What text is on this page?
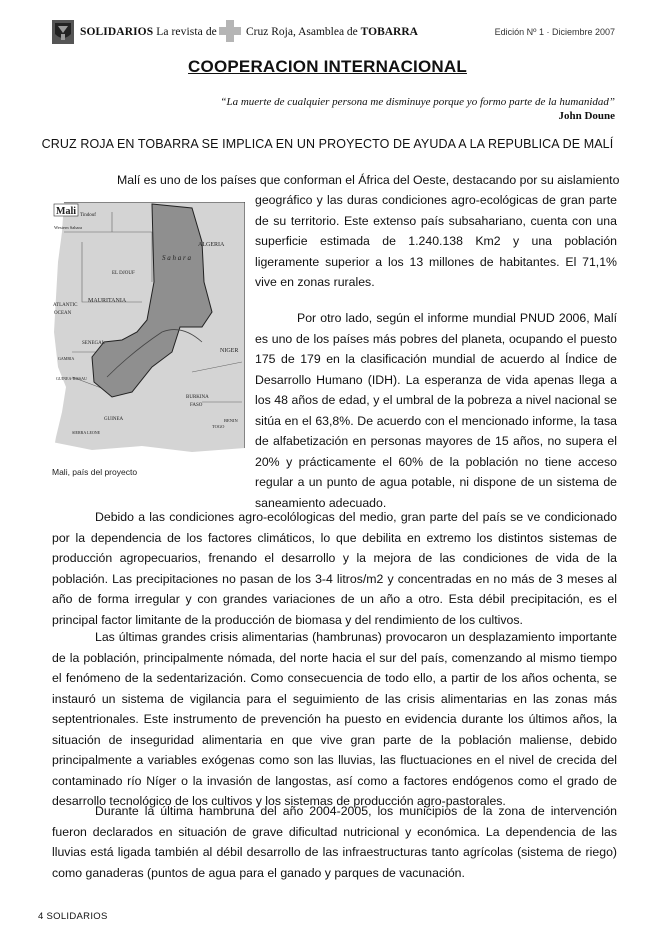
SOLIDARIOS La revista de	Cruz Roja, Asamblea de TOBARRA	Edición Nº 1 · Diciembre 2007
COOPERACION INTERNACIONAL
“La muerte de cualquier persona me disminuye porque yo formo parte de la humanidad”
John Doune
CRUZ ROJA EN TOBARRA SE IMPLICA EN UN PROYECTO DE AYUDA A LA REPUBLICA DE MALÍ
Malí es uno de los países que conforman el África del Oeste, destacando por su aislamiento
geográfico y las duras condiciones agro-ecológicas de gran parte de su territorio. Este extenso país subsahariano, cuenta con una superficie estimada de 1.240.138 Km2 y una población ligeramente superior a los 13 millones de habitantes. El 71,1% vive en zonas rurales.
Por otro lado, según el informe mundial PNUD 2006, Malí es uno de los países más pobres del planeta, ocupando el puesto 175 de 179 en la clasificación mundial de acuerdo al Índice de Desarrollo Humano (IDH). La esperanza de vida apenas llega a los 48 años de edad, y el umbral de la pobreza a nivel nacional se sitúa en el 63,8%. De acuerdo con el mencionado informe, la tasa de alfabetización en personas mayores de 15 años, no supera el 20% y prácticamente el 60% de la población no tiene acceso regular a un punto de agua potable, ni dispone de un sistema de saneamiento adecuado.
Mali Tindouf
Western Sahara
ALGERIA
S a h a r a
EL DJOUF
MAURITANIA
ATLANTIC
OCEAN
SENEGAL
GAMBIA
GUINEA-BISSAU
GUINEA
SIERRA LEONE
NIGER
BURKINA
FASO
TOGO
BENIN
Mali, país del proyecto
Debido a las condiciones agro-ecolólogicas del medio, gran parte del país se ve condicionado por la dependencia de los factores climáticos, lo que debilita en extremo los distintos sistemas de producción agropecuarios, frenando el desarrollo y la mejora de las condiciones de vida de la población. Las precipitaciones no pasan de los 3-4 litros/m2 y concentradas en no más de 3 meses al año de forma irregular y con grandes variaciones de un año a otro. Esta débil precipitación, es el principal factor limitante de la producción de biomasa y del rendimiento de los cultivos.
Las últimas grandes crisis alimentarias (hambrunas) provocaron un desplazamiento importante de la población, principalmente nómada, del norte hacia el sur del país, comenzando al mismo tiempo el fenómeno de la sedentarización. Como consecuencia de todo ello, a partir de los años ochenta, se instauró un sistema de vigilancia para el seguimiento de las crisis alimentarias en las zonas más septentrionales. Este instrumento de prevención ha puesto en evidencia durante los últimos años, la situación de inseguridad alimentaria en que vive gran parte de la población maliense, debido principalmente a variables exógenas como son las lluvias, las fluctuaciones en el nivel de crecida del contaminado río Níger o la invasión de langostas, así como a factores endógenos como el grado de desarrollo tecnológico de los cultivos y los sistemas de producción agro-pastorales.
Durante la última hambruna del año 2004-2005, los municipios de la zona de intervención fueron declarados en situación de grave dificultad nutricional y económica. La dependencia de las lluvias está ligada también al débil desarrollo de las infraestructuras tanto agrícolas (sistema de riego) como ganaderas (puntos de agua para el ganado y parques de vacunación.
4 SOLIDARIOS
